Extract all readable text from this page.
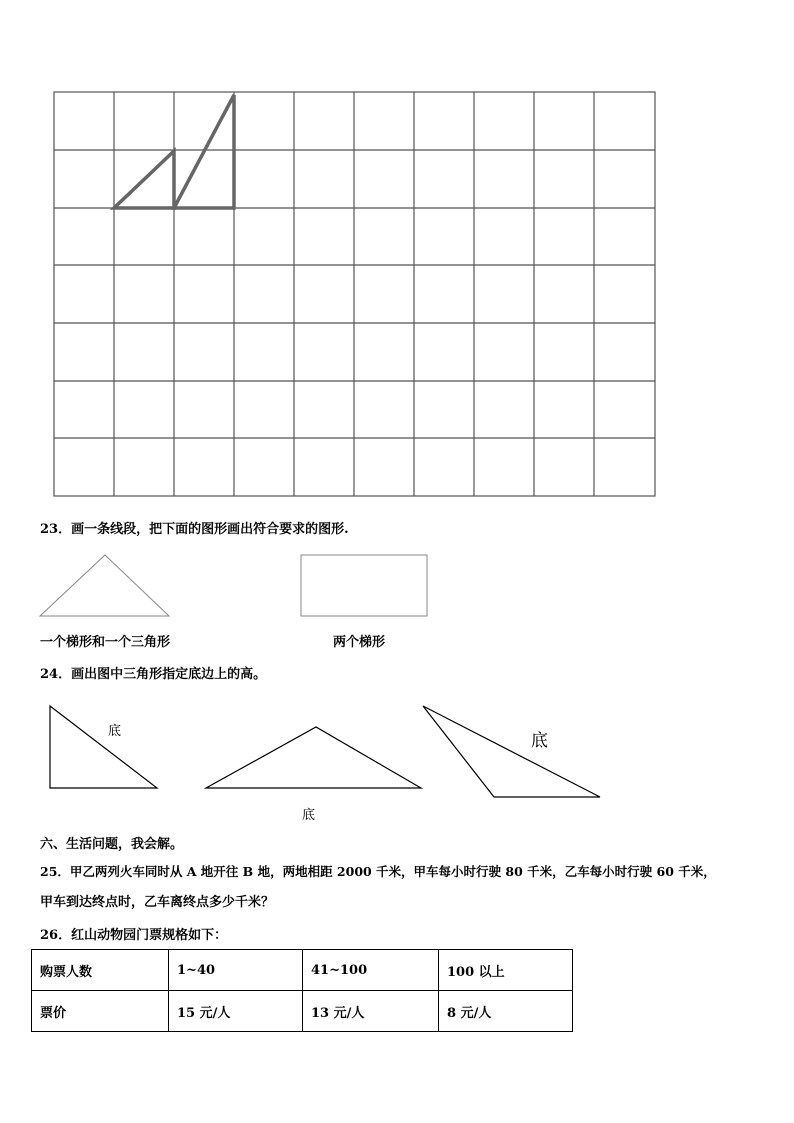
23．画一条线段，把下面的图形画出符合要求的图形.
一个梯形和一个三角形	两个梯形
24．画出图中三角形指定底边上的高。
底
底
底
六、生活问题，我会解。
25．甲乙两列火车同时从 A 地开往 B 地，两地相距 2000 千米，甲车每小时行驶 80 千米，乙车每小时行驶 60 千米，
甲车到达终点时，乙车离终点多少千米？
26．红山动物园门票规格如下：
购票人数	1~40	41~100	100 以上
票价	15 元/人	13 元/人	8 元/人
